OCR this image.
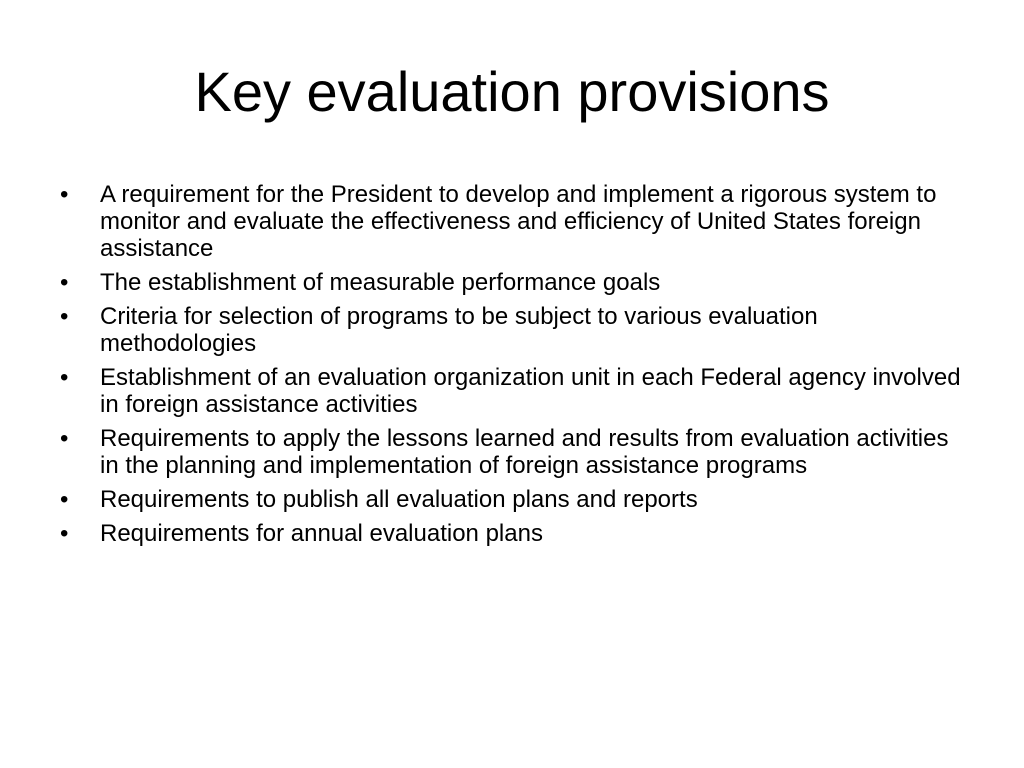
Key evaluation provisions
•	A requirement for the President to develop and implement a rigorous system to monitor and evaluate the effectiveness and efficiency of United States foreign assistance
•	The establishment of measurable performance goals
•	Criteria for selection of programs to be subject to various evaluation methodologies
•	Establishment of an evaluation organization unit in each Federal agency involved in foreign assistance activities
•	Requirements to apply the lessons learned and results from evaluation activities in the planning and implementation of foreign assistance programs
•	Requirements to publish all evaluation plans and reports
•	Requirements for annual evaluation plans
